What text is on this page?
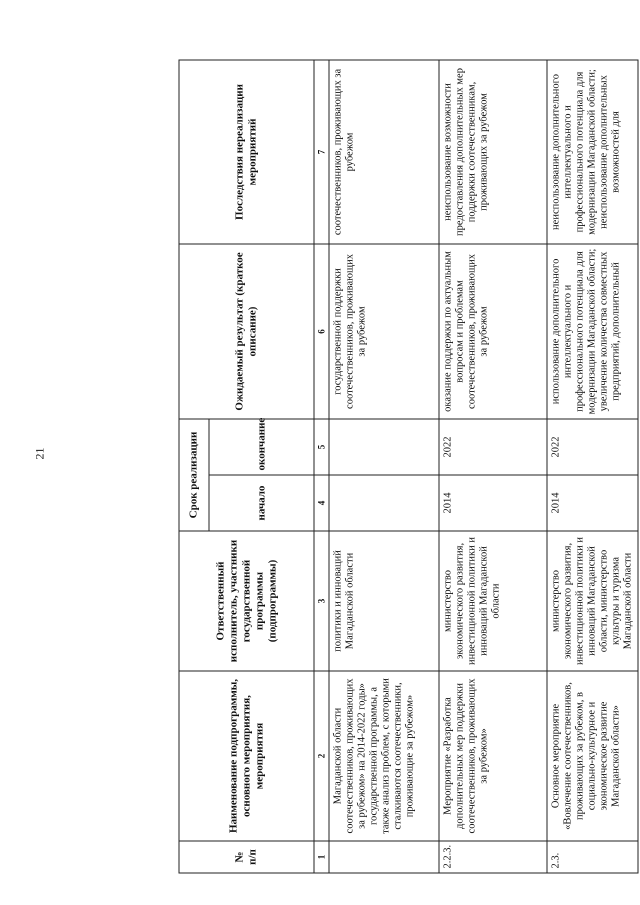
21
№ п/п	Наименование подпрограммы, основного мероприятия, мероприятия	Ответственный исполнитель, участники государственной программы (подпрограммы)	Срок реализации		Ожидаемый результат (краткое описание)	Последствия нереализации мероприятий
			начало	окончание		
1	2	3	4	5	6	7
	Магаданской области соотечественников, проживающих за рубежом» на 2014-2022 годы» государственной программы, а также анализ проблем, с которыми сталкиваются соотечественники, проживающие за рубежом»	политики и инноваций Магаданской области			государственной поддержки соотечественников, проживающих за рубежом	соотечественников, проживающих за рубежом
2.2.3.	Мероприятие «Разработка дополнительных мер поддержки соотечественников, проживающих за рубежом»	министерство экономического развития, инвестиционной политики и инноваций Магаданской области	2014	2022	оказание поддержки по актуальным вопросам и проблемам соотечественников, проживающих за рубежом	неиспользование возможности предоставления дополнительных мер поддержки соотечественникам, проживающих за рубежом
2.3.	Основное мероприятие «Вовлечение соотечественников, проживающих за рубежом, в социально-культурное и экономическое развитие Магаданской области»	министерство экономического развития, инвестиционной политики и инноваций Магаданской области, министерство культуры и туризма Магаданской области	2014	2022	использование дополнительного интеллектуального и профессионального потенциала для модернизации Магаданской области; увеличение количества совместных предприятий, дополнительный	неиспользование дополнительного интеллектуального и профессионального потенциала для модернизации Магаданской области; неиспользование дополнительных возможностей для
